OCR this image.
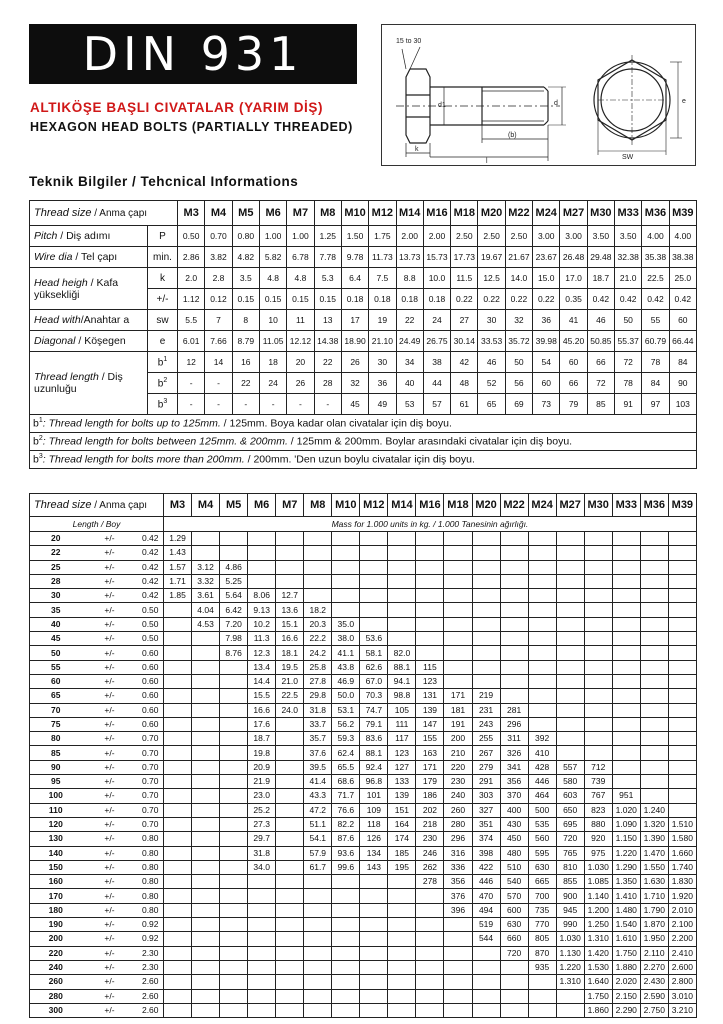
DIN 931
ALTIKÖŞE BAŞLI CIVATALAR (YARIM DİŞ)
HEXAGON HEAD BOLTS (PARTIALLY THREADED)
15 to 30
d1	d
(b)
k
l
SW
e
Teknik Bilgiler / Tehcnical Informations
Thread size / Anma çapı		M3	M4	M5	M6	M7	M8	M10	M12	M14	M16	M18	M20	M22	M24	M27	M30	M33	M36	M39
Pitch / Diş adımı	P	0.50	0.70	0.80	1.00	1.00	1.25	1.50	1.75	2.00	2.00	2.50	2.50	2.50	3.00	3.00	3.50	3.50	4.00	4.00
Wire dia / Tel çapı	min.	2.86	3.82	4.82	5.82	6.78	7.78	9.78	11.73	13.73	15.73	17.73	19.67	21.67	23.67	26.48	29.48	32.38	35.38	38.38
Head heigh / Kafa yüksekliği	k	2.0	2.8	3.5	4.8	4.8	5.3	6.4	7.5	8.8	10.0	11.5	12.5	14.0	15.0	17.0	18.7	21.0	22.5	25.0
	+/-	1.12	0.12	0.15	0.15	0.15	0.15	0.18	0.18	0.18	0.18	0.22	0.22	0.22	0.22	0.35	0.42	0.42	0.42	0.42
Head with/Anahtar a	sw	5.5	7	8	10	11	13	17	19	22	24	27	30	32	36	41	46	50	55	60
Diagonal / Köşegen	e	6.01	7.66	8.79	11.05	12.12	14.38	18.90	21.10	24.49	26.75	30.14	33.53	35.72	39.98	45.20	50.85	55.37	60.79	66.44
Thread length / Diş uzunluğu	$b^1$	12	14	16	18	20	22	26	30	34	38	42	46	50	54	60	66	72	78	84
	$b^2$	-	-	22	24	26	28	32	36	40	44	48	52	56	60	66	72	78	84	90
	$b^3$	-	-	-	-	-	-	45	49	53	57	61	65	69	73	79	85	91	97	103
$b^1$: Thread length for bolts up to 125mm. / 125mm. Boya kadar olan civatalar için diş boyu.																				
$b^2$: Thread length for bolts between 125mm. & 200mm. / 125mm & 200mm. Boylar arasındaki civatalar için diş boyu.																				
$b^3$: Thread length for bolts more than 200mm. / 200mm. 'Den uzun boylu civatalar için diş boyu.																				
Thread size / Anma çapı			M3	M4	M5	M6	M7	M8	M10	M12	M14	M16	M18	M20	M22	M24	M27	M30	M33	M36	M39
Length / Boy			Mass for 1.000 units in kg. / 1.000 Tanesinin ağırlığı.																		
20	+/-	0.42	1.29																		
22	+/-	0.42	1.43																		
25	+/-	0.42	1.57	3.12	4.86																
28	+/-	0.42	1.71	3.32	5.25																
30	+/-	0.42	1.85	3.61	5.64	8.06	12.7														
35	+/-	0.50		4.04	6.42	9.13	13.6	18.2													
40	+/-	0.50		4.53	7.20	10.2	15.1	20.3	35.0												
45	+/-	0.50			7.98	11.3	16.6	22.2	38.0	53.6											
50	+/-	0.60			8.76	12.3	18.1	24.2	41.1	58.1	82.0										
55	+/-	0.60				13.4	19.5	25.8	43.8	62.6	88.1	115									
60	+/-	0.60				14.4	21.0	27.8	46.9	67.0	94.1	123									
65	+/-	0.60				15.5	22.5	29.8	50.0	70.3	98.8	131	171	219							
70	+/-	0.60				16.6	24.0	31.8	53.1	74.7	105	139	181	231	281						
75	+/-	0.60				17.6		33.7	56.2	79.1	111	147	191	243	296						
80	+/-	0.70				18.7		35.7	59.3	83.6	117	155	200	255	311	392					
85	+/-	0.70				19.8		37.6	62.4	88.1	123	163	210	267	326	410					
90	+/-	0.70				20.9		39.5	65.5	92.4	127	171	220	279	341	428	557	712			
95	+/-	0.70				21.9		41.4	68.6	96.8	133	179	230	291	356	446	580	739			
100	+/-	0.70				23.0		43.3	71.7	101	139	186	240	303	370	464	603	767	951		
110	+/-	0.70				25.2		47.2	76.6	109	151	202	260	327	400	500	650	823	1.020	1.240	
120	+/-	0.70				27.3		51.1	82.2	118	164	218	280	351	430	535	695	880	1.090	1.320	1.510
130	+/-	0.80				29.7		54.1	87.6	126	174	230	296	374	450	560	720	920	1.150	1.390	1.580
140	+/-	0.80				31.8		57.9	93.6	134	185	246	316	398	480	595	765	975	1.220	1.470	1.660
150	+/-	0.80				34.0		61.7	99.6	143	195	262	336	422	510	630	810	1.030	1.290	1.550	1.740
160	+/-	0.80										278	356	446	540	665	855	1.085	1.350	1.630	1.830
170	+/-	0.80											376	470	570	700	900	1.140	1.410	1.710	1.920
180	+/-	0.80											396	494	600	735	945	1.200	1.480	1.790	2.010
190	+/-	0.92												519	630	770	990	1.250	1.540	1.870	2.100
200	+/-	0.92												544	660	805	1.030	1.310	1.610	1.950	2.200
220	+/-	2.30													720	870	1.130	1.420	1.750	2.110	2.410
240	+/-	2.30														935	1.220	1.530	1.880	2.270	2.600
260	+/-	2.60															1.310	1.640	2.020	2.430	2.800
280	+/-	2.60																1.750	2.150	2.590	3.010
300	+/-	2.60																1.860	2.290	2.750	3.210
